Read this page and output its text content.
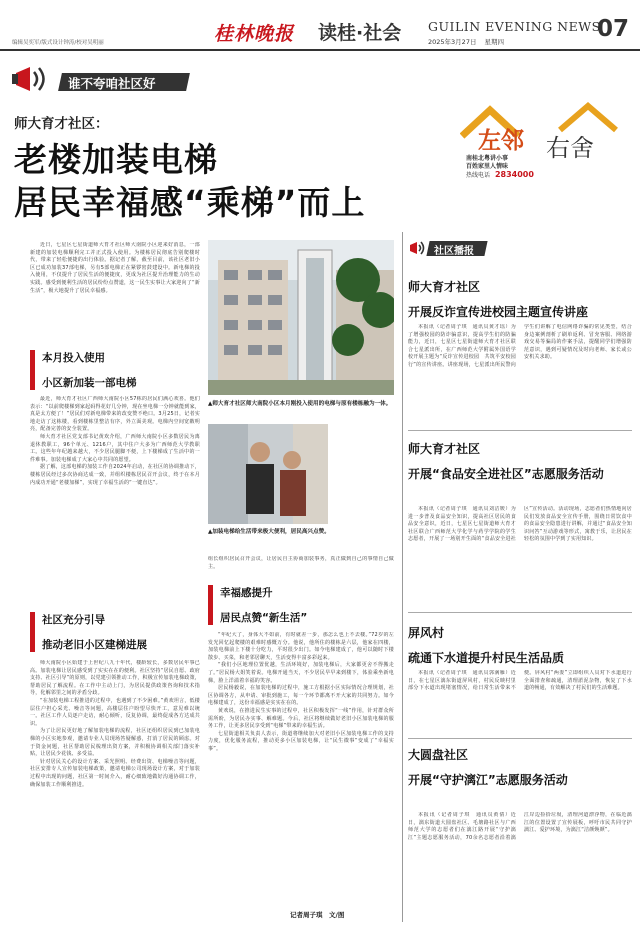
编辑吴奕军/版式设计钟涛/校对吴明丽	桂林晚报 读桂·社会 GUILIN EVENING NEWS
2025年3月27日 星期四	07
谁不夸咱社区好
左邻 右舍
南桂北粤讲小事
百姓家里人情味
热线电话 2834000
师大育才社区：
老楼加装电梯
居民幸福感“乘梯”而上

近日，七星区七星街道师大育才社区师大南院小区迎来好消息，一部新建的加装电梯顺利完工并正式投入使用。为楼栋居民彻底告别爬楼时代，带来了轻松便捷的出行体验。据记者了解，截至目前，该社区老旧小区已成功加装37部电梯，另有5部电梯正在紧锣密鼓建设中。新电梯的投入使用，不仅提升了居民生活的便捷度，更成为社区提升治理能力的生动实践。感受到便利生活的居民纷纷点赞道，这一民生实事让大家迎向了“新生活”，极大地提升了居民幸福感。

本月投入使用
小区新加装一部电梯

最近，师大育才社区广西师大南院小区57栋的居民们满心欢喜。他们表示：“以前爬楼梯到家起码得花好几分钟，现在坐电梯一分钟就能到家，真是太方便了！”居民们对新电梯带来的改变赞不绝口。3月25日，记者实地走访了这栋楼，看到楼栋里整洁有序，外立面美观。电梯内空间宽敞明亮，配备完善的安全装置。

师大育才社区党支部书记黄欢介绍，广西师大南院小区多数居民为离退休教职工，96个单元、1216户，其中住户大多为广西师范大学教职工。这些年年纪越来越大，不少居民腿脚不便，上下楼梯成了生活中的一件难事。加装电梯成了大家心中共同的愿望。

据了解，这部电梯的加装工作自2024年启动，在社区的协调推动下，楼栋居民经过多次协商达成一致，并组织楼栋居民召开会议，终于在本月内成功开通“老楼加梯”，实现了幸福生活的“一键直达”。

社区充分引导
推动老旧小区建梯进展

师大南院小区始建于上世纪八九十年代，楼龄较长，多数居民年事已高。加装电梯让居民感受到了实实在在的便利。社区坚持“居民自愿、政府支持、社区引导”的原则，以党建引领推动工作，积极宣传加装电梯政策，帮助居民了解流程。在工作中主动上门，为居民提供政策咨询和技术指导，化解邻里之间的矛盾分歧。

“在加装电梯工程推进的过程中，也遇到了不少困难。”黄欢坦言，低楼层住户担心采光、噪音等问题，高楼层住户盼望尽快开工，意见难以统一。社区工作人员逐户走访，耐心倾听，反复协调，最终促成各方达成共识。

为了让居民更好地了解加装电梯的流程，社区还组织居民到已加装电梯的小区实地参观，邀请专业人员现场答疑解惑，打消了居民的顾虑。对于资金问题，社区帮助居民梳理出资方案，并积极协调相关部门落实补贴，让居民少花钱、多受益。

针对居民关心的设计方案、采光照明、经费出资、电梯噪音等问题，社区安排专人宣传加装电梯政策，邀请电梯公司现场设计方案，对于加装过程中出现的问题，社区第一时间介入，耐心细致地做好沟通协调工作，确保加装工作顺利推进。

▲师大育才社区师大南院小区本月刚投入使用的电梯与原有楼栋融为一体。
▲加装电梯给生活带来极大便利，居民高兴点赞。

组长组织居民召开会议，让居民自主协商加装事务，真正做到自己的事情自己做主。

幸福感提升
居民点赞“新生活”

“年纪大了，身体大不如前，有时就差一步，那怎么也上不去楼。”72岁的左发光回忆起爬楼的艰难时感慨万分。他说，他所住的楼栋是六层，他家在四楼，加装电梯前上下楼十分吃力，平时很少出门。如今电梯建成了，他可以随时下楼散步、买菜，和老邻居聊天，生活变得丰富多彩起来。

“我们小区地理位置优越，生活环境好，加装电梯后，大家都更舍不得搬走了。”居民杨大姐笑着说。电梯开通当天，不少居民早早来到楼下，体验乘坐新电梯，脸上洋溢着幸福的笑容。

居民杨毅说，在加装电梯的过程中，施工方根据小区实际情况合理规划，社区协调各方，从申请、审批到施工，每一个环节都离不开大家的共同努力。如今电梯建成了，这份幸福感是实实在在的。

黄欢说，在推进民生实事的过程中，社区积极发挥“一线”作用，针对群众所需所盼，为居民办实事、解难题。今后，社区将继续做好老旧小区加装电梯的服务工作，让更多居民享受到“电梯”带来的幸福生活。

七星街道相关负责人表示，街道将继续加大对老旧小区加装电梯工作的支持力度，优化服务流程，推动更多小区加装电梯，让“民生微事”变成了“幸福实事”。

记者周子琪　文/图
社区播报
师大育才社区
开展反诈宣传进校园主题宣传讲座

本报讯（记者周子琪　通讯员黄才瑶）为了增强校园的防诈骗意识，提高学生们的防骗能力，近日，七星区七星街道师大育才社区联合七星派出所，在广西师范大学附属外国语学校开展主题为“反诈宣传进校园　共筑平安校园行”的宣传讲座。讲座现场，七星派出所民警向学生们讲解了电信网络诈骗的常见类型，结合身边案例剖析了刷单返利、冒充客服、网络游戏交易等骗局的作案手法，提醒同学们增强防范意识，遇到可疑情况及时向老师、家长或公安机关求助。

师大育才社区
开展“食品安全进社区”志愿服务活动

本报讯（记者周子琪　通讯员刘洁媛）为进一步普及食品安全知识，提高社区居民的食品安全意识，近日，七星区七星街道师大育才社区联合广西师范大学化学与药学学院的学生志愿者，开展了一场别开生面的“食品安全进社区”宣传活动。活动现场，志愿者们热情地向居民们发放食品安全宣传手册，围绕日常饮食中的食品安全隐患进行讲解，并通过“食品安全知识问答”互动游戏等形式，寓教于乐，让居民在轻松的氛围中学到了实用知识。

屏风村
疏通下水道提升村民生活品质

本报讯（记者周子琪　通讯员郭满雁）近日，在七星区漓东街道屏风村，村民反映村里部分下水道出现堵塞情况，给日常生活带来不便。屏风村“两委”立即组织人员对下水道进行全面排查和疏通，清理淤泥杂物，恢复了下水道的畅通，有效解决了村民们的生活难题。

大圆盘社区
开展“守护漓江”志愿服务活动

本报讯（记者周子琪　通讯员黄倩）近日，漓东街道大圆盘社区、毛塘路社区与广西师范大学的志愿者们在漓江路开展“守护漓江”主题志愿服务活动，70余名志愿者沿着漓江岸边捡拾垃圾，清理河道漂浮物，在临近漓江的位置设置了宣传展板，呼吁市民共同守护漓江、爱护环境，为漓江“洁颜焕颜”。
